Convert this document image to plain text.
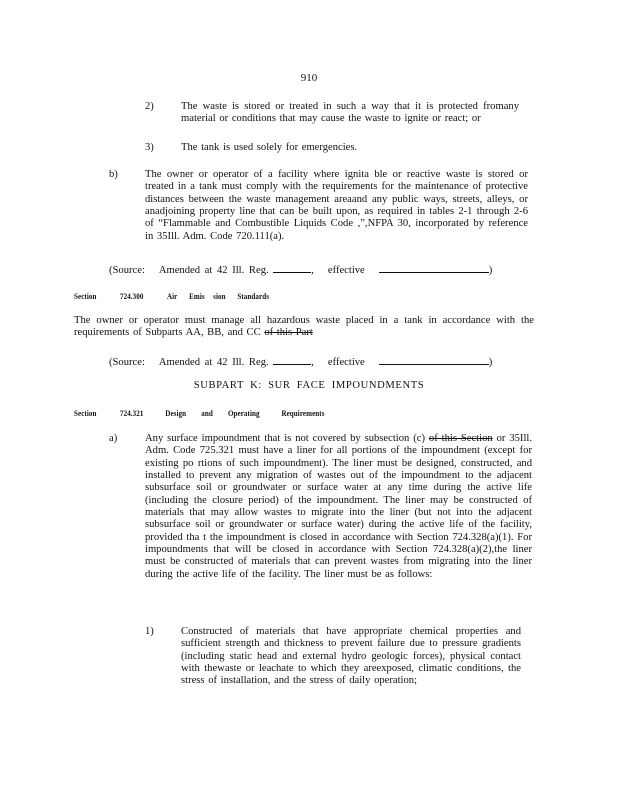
910
2)	The waste is stored or treated in such a way that it is protected fromany material or conditions that may cause the waste to ignite or react; or
3)	The tank is used solely for emergencies.
b)	The owner or operator of a facility where ignita ble or reactive waste is stored or treated in a tank must comply with the requirements for the maintenance of protective distances between the waste management areaand any public ways, streets, alleys, or anadjoining property line that can be built upon, as required in tables 2-1 through 2-6 of “Flammable and Combustible Liquids Code ,”,NFPA 30, incorporated by reference in 35Ill. Adm. Code 720.111(a).
(Source: Amended at 42 Ill. Reg.	, effective	)
Section	724.300	Air Emis sion Standards
The owner or operator must manage all hazardous waste placed in a tank in accordance with the requirements of Subparts AA, BB, and CC of this Part
(Source: Amended at 42 Ill. Reg.	, effective	)
SUBPART K: SUR FACE IMPOUNDMENTS
Section	724.321	Design and Operating	Requirements
a)	Any surface impoundment that is not covered by subsection (c) of this Section or 35Ill. Adm. Code 725.321 must have a liner for all portions of the impoundment (except for existing po rtions of such impoundment). The liner must be designed, constructed, and installed to prevent any migration of wastes out of the impoundment to the adjacent subsurface soil or groundwater or surface water at any time during the active life (including the closure period) of the impoundment. The liner may be constructed of materials that may allow wastes to migrate into the liner (but not into the adjacent subsurface soil or groundwater or surface water) during the active life of the facility, provided tha t the impoundment is closed in accordance with Section 724.328(a)(1). For impoundments that will be closed in accordance with Section 724.328(a)(2),the liner must be constructed of materials that can prevent wastes from migrating into the liner during the active life of the facility. The liner must be as follows:
1)	Constructed of materials that have appropriate chemical properties and sufficient strength and thickness to prevent failure due to pressure gradients (including static head and external hydro geologic forces), physical contact with thewaste or leachate to which they areexposed, climatic conditions, the stress of installation, and the stress of daily operation;
